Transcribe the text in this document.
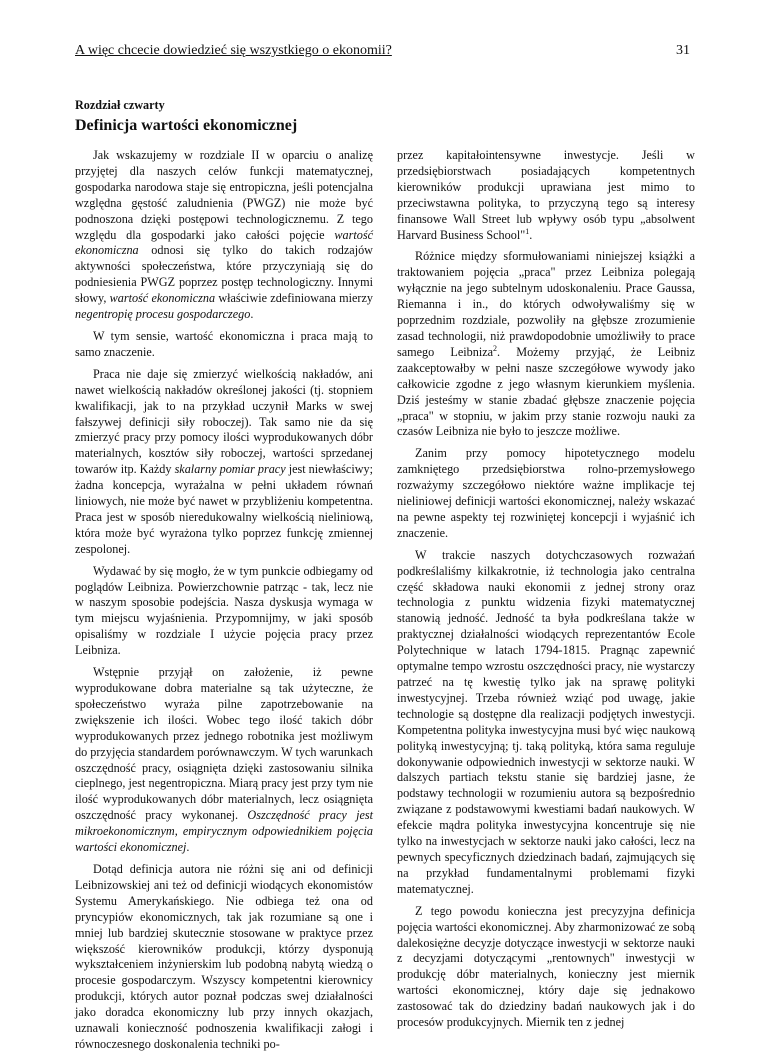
A więc chcecie dowiedzieć się wszystkiego o ekonomii?	31
Rozdział czwarty
Definicja wartości ekonomicznej

Jak wskazujemy w rozdziale II w oparciu o analizę przyjętej dla naszych celów funkcji matematycznej, gospodarka narodowa staje się entropiczna, jeśli potencjalna względna gęstość zaludnienia (PWGZ) nie może być podnoszona dzięki postępowi technologicznemu. Z tego względu dla gospodarki jako całości pojęcie wartość ekonomiczna odnosi się tylko do takich rodzajów aktywności społeczeństwa, które przyczyniają się do podniesienia PWGZ poprzez postęp technologiczny. Innymi słowy, wartość ekonomiczna właściwie zdefiniowana mierzy negentropię procesu gospodarczego.

W tym sensie, wartość ekonomiczna i praca mają to samo znaczenie.

Praca nie daje się zmierzyć wielkością nakładów, ani nawet wielkością nakładów określonej jakości (tj. stopniem kwalifikacji, jak to na przykład uczynił Marks w swej fałszywej definicji siły roboczej). Tak samo nie da się zmierzyć pracy przy pomocy ilości wyprodukowanych dóbr materialnych, kosztów siły roboczej, wartości sprzedanej towarów itp. Każdy skalarny pomiar pracy jest niewłaściwy; żadna koncepcja, wyrażalna w pełni układem równań liniowych, nie może być nawet w przybliżeniu kompetentna. Praca jest w sposób nieredukowalny wielkością nieliniową, która może być wyrażona tylko poprzez funkcję zmiennej zespolonej.

Wydawać by się mogło, że w tym punkcie odbiegamy od poglądów Leibniza. Powierzchownie patrząc - tak, lecz nie w naszym sposobie podejścia. Nasza dyskusja wymaga w tym miejscu wyjaśnienia. Przypomnijmy, w jaki sposób opisaliśmy w rozdziale I użycie pojęcia pracy przez Leibniza.

Wstępnie przyjął on założenie, iż pewne wyprodukowane dobra materialne są tak użyteczne, że społeczeństwo wyraża pilne zapotrzebowanie na zwiększenie ich ilości. Wobec tego ilość takich dóbr wyprodukowanych przez jednego robotnika jest możliwym do przyjęcia standardem porównawczym. W tych warunkach oszczędność pracy, osiągnięta dzięki zastosowaniu silnika cieplnego, jest negentropiczna. Miarą pracy jest przy tym nie ilość wyprodukowanych dóbr materialnych, lecz osiągnięta oszczędność pracy wykonanej. Oszczędność pracy jest mikroekonomicznym, empirycznym odpowiednikiem pojęcia wartości ekonomicznej.

Dotąd definicja autora nie różni się ani od definicji Leibnizowskiej ani też od definicji wiodących ekonomistów Systemu Amerykańskiego. Nie odbiega też ona od pryncypiów ekonomicznych, tak jak rozumiane są one i mniej lub bardziej skutecznie stosowane w praktyce przez większość kierowników produkcji, którzy dysponują wykształceniem inżynierskim lub podobną nabytą wiedzą o procesie gospodarczym. Wszyscy kompetentni kierownicy produkcji, których autor poznał podczas swej działalności jako doradca ekonomiczny lub przy innych okazjach, uznawali konieczność podnoszenia kwalifikacji załogi i równoczesnego doskonalenia techniki po-

przez kapitałointensywne inwestycje. Jeśli w przedsiębiorstwach posiadających kompetentnych kierowników produkcji uprawiana jest mimo to przeciwstawna polityka, to przyczyną tego są interesy finansowe Wall Street lub wpływy osób typu „absolwent Harvard Business School"$^1$.

Różnice między sformułowaniami niniejszej książki a traktowaniem pojęcia „praca" przez Leibniza polegają wyłącznie na jego subtelnym udoskonaleniu. Prace Gaussa, Riemanna i in., do których odwoływaliśmy się w poprzednim rozdziale, pozwoliły na głębsze zrozumienie zasad technologii, niż prawdopodobnie umożliwiły to prace samego Leibniza$^2$. Możemy przyjąć, że Leibniz zaakceptowałby w pełni nasze szczegółowe wywody jako całkowicie zgodne z jego własnym kierunkiem myślenia. Dziś jesteśmy w stanie zbadać głębsze znaczenie pojęcia „praca" w stopniu, w jakim przy stanie rozwoju nauki za czasów Leibniza nie było to jeszcze możliwe.

Zanim przy pomocy hipotetycznego modelu zamkniętego przedsiębiorstwa rolno-przemysłowego rozważymy szczegółowo niektóre ważne implikacje tej nieliniowej definicji wartości ekonomicznej, należy wskazać na pewne aspekty tej rozwiniętej koncepcji i wyjaśnić ich znaczenie.

W trakcie naszych dotychczasowych rozważań podkreślaliśmy kilkakrotnie, iż technologia jako centralna część składowa nauki ekonomii z jednej strony oraz technologia z punktu widzenia fizyki matematycznej stanowią jedność. Jedność ta była podkreślana także w praktycznej działalności wiodących reprezentantów Ecole Polytechnique w latach 1794-1815. Pragnąc zapewnić optymalne tempo wzrostu oszczędności pracy, nie wystarczy patrzeć na tę kwestię tylko jak na sprawę polityki inwestycyjnej. Trzeba również wziąć pod uwagę, jakie technologie są dostępne dla realizacji podjętych inwestycji. Kompetentna polityka inwestycyjna musi być więc naukową polityką inwestycyjną; tj. taką polityką, która sama reguluje dokonywanie odpowiednich inwestycji w sektorze nauki. W dalszych partiach tekstu stanie się bardziej jasne, że podstawy technologii w rozumieniu autora są bezpośrednio związane z podstawowymi kwestiami badań naukowych. W efekcie mądra polityka inwestycyjna koncentruje się nie tylko na inwestycjach w sektorze nauki jako całości, lecz na pewnych specyficznych dziedzinach badań, zajmujących się na przykład fundamentalnymi problemami fizyki matematycznej.

Z tego powodu konieczna jest precyzyjna definicja pojęcia wartości ekonomicznej. Aby zharmonizować ze sobą dalekosiężne decyzje dotyczące inwestycji w sektorze nauki z decyzjami dotyczącymi „rentownych" inwestycji w produkcję dóbr materialnych, konieczny jest miernik wartości ekonomicznej, który daje się jednakowo zastosować tak do dziedziny badań naukowych jak i do procesów produkcyjnych. Miernik ten z jednej
